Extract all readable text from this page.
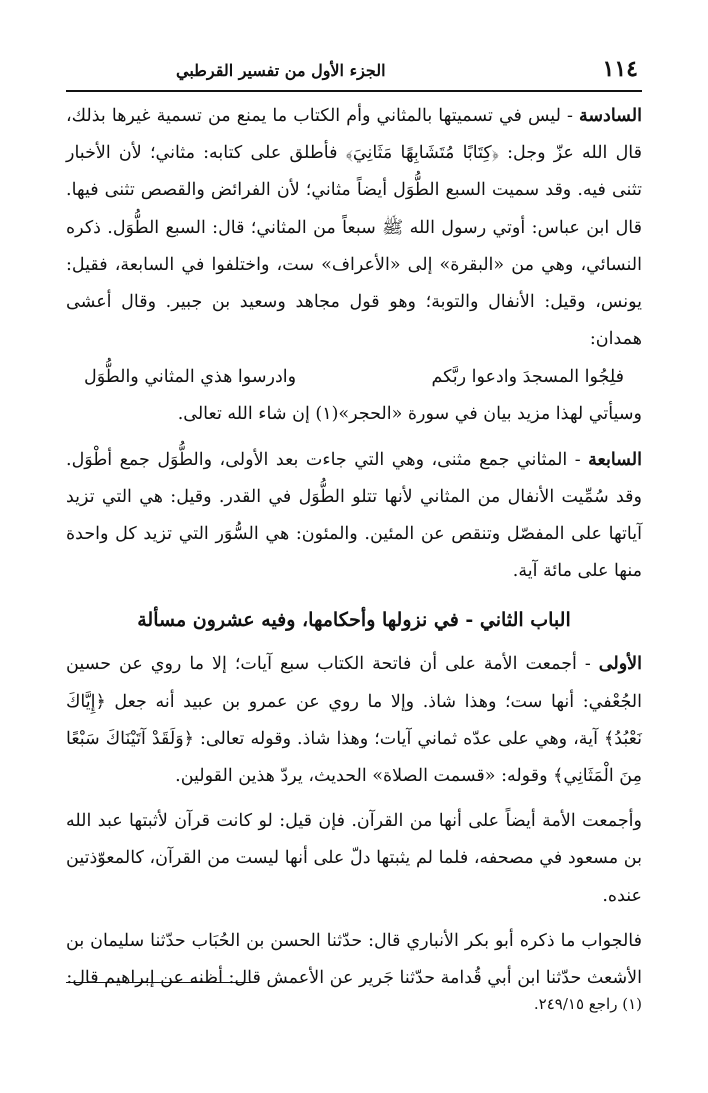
١١٤
الجزء الأول من تفسير القرطبي

السادسة - ليس في تسميتها بالمثاني وأم الكتاب ما يمنع من تسمية غيرها بذلك، قال الله عزّ وجل: ﴿كِتَابًا مُتَشَابِهًا مَثَانِيَ﴾ فأطلق على كتابه: مثاني؛ لأن الأخبار تثنى فيه. وقد سميت السبع الطُّوَل أيضاً مثاني؛ لأن الفرائض والقصص تثنى فيها. قال ابن عباس: أوتي رسول الله ﷺ سبعاً من المثاني؛ قال: السبع الطُّوَل. ذكره النسائي، وهي من «البقرة» إلى «الأعراف» ست، واختلفوا في السابعة، فقيل: يونس، وقيل: الأنفال والتوبة؛ وهو قول مجاهد وسعيد بن جبير. وقال أعشى همدان:

فلِجُوا المسجدَ وادعوا ربَّكم
وادرسوا هذي المثاني والطُّوَل

وسيأتي لهذا مزيد بيان في سورة «الحجر»(١) إن شاء الله تعالى.

السابعة - المثاني جمع مثنى، وهي التي جاءت بعد الأولى، والطُّوَل جمع أطْوَل. وقد سُمِّيت الأنفال من المثاني لأنها تتلو الطُّوَل في القدر. وقيل: هي التي تزيد آياتها على المفصّل وتنقص عن المئين. والمئون: هي السُّوَر التي تزيد كل واحدة منها على مائة آية.

الباب الثاني - في نزولها وأحكامها، وفيه عشرون مسألة

الأولى - أجمعت الأمة على أن فاتحة الكتاب سبع آيات؛ إلا ما روي عن حسين الجُعْفي: أنها ست؛ وهذا شاذ. وإلا ما روي عن عمرو بن عبيد أنه جعل ﴿إِيَّاكَ نَعْبُدُ﴾ آية، وهي على عدّه ثماني آيات؛ وهذا شاذ. وقوله تعالى: ﴿وَلَقَدْ آتَيْنَاكَ سَبْعًا مِنَ الْمَثَانِي﴾ وقوله: «قسمت الصلاة» الحديث، يردّ هذين القولين.

وأجمعت الأمة أيضاً على أنها من القرآن. فإن قيل: لو كانت قرآن لأثبتها عبد الله بن مسعود في مصحفه، فلما لم يثبتها دلّ على أنها ليست من القرآن، كالمعوّذتين عنده.

فالجواب ما ذكره أبو بكر الأنباري قال: حدّثنا الحسن بن الحُبَاب حدّثنا سليمان بن الأشعث حدّثنا ابن أبي قُدامة حدّثنا جَرير عن الأعمش قال: أظنه عن إبراهيم قال:

(١) راجع ٢٤٩/١٥.
